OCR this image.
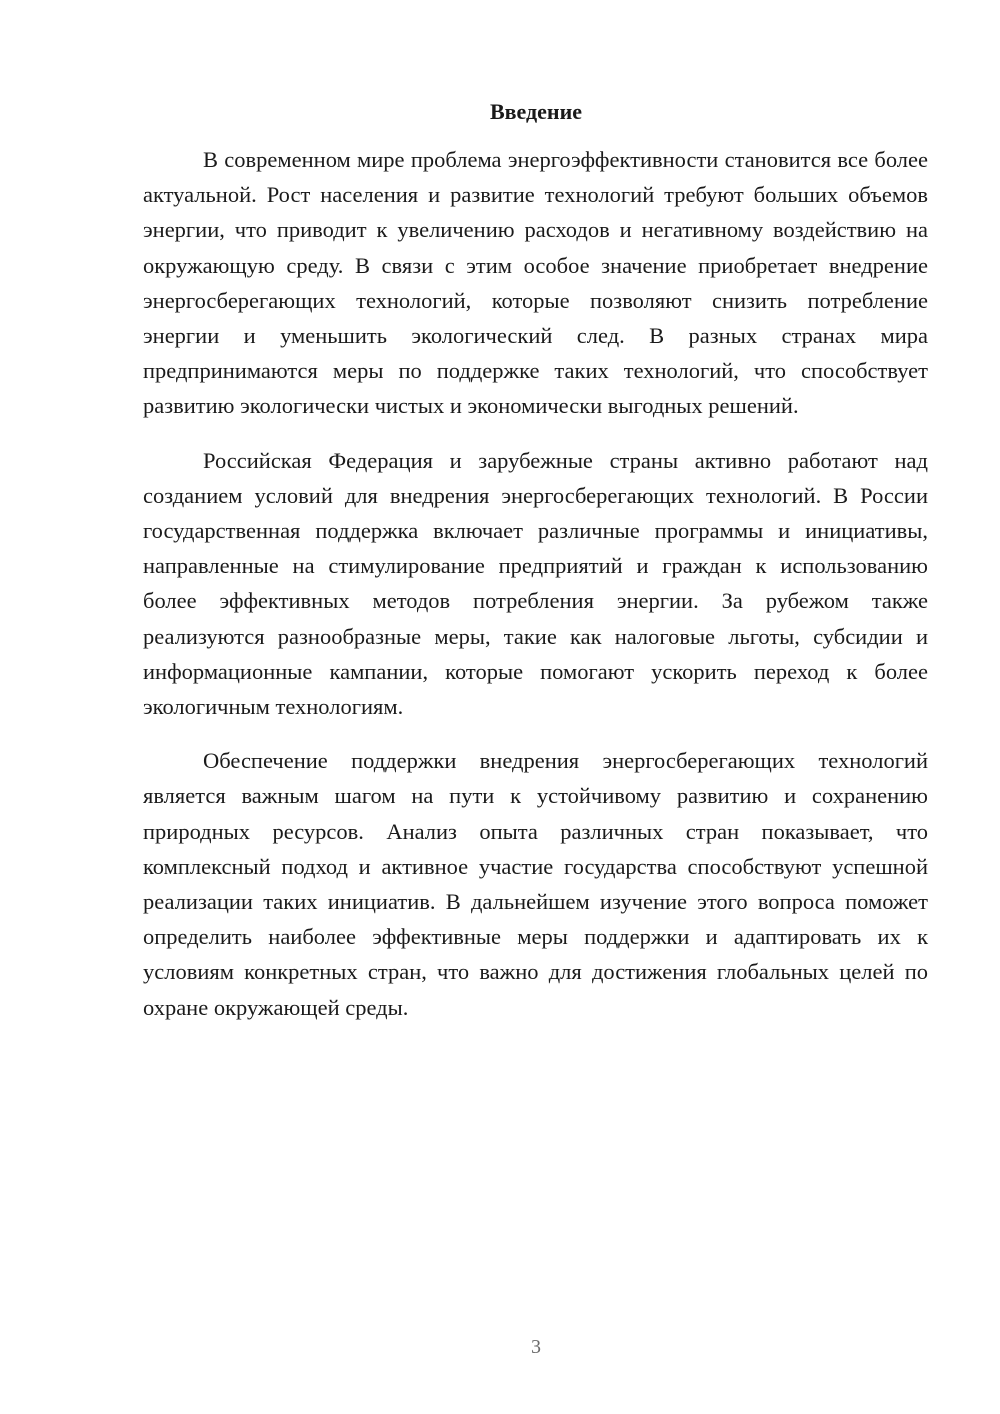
Введение

В современном мире проблема энергоэффективности становится все более актуальной. Рост населения и развитие технологий требуют больших объемов энергии, что приводит к увеличению расходов и негативному воздействию на окружающую среду. В связи с этим особое значение приобретает внедрение энергосберегающих технологий, которые позволяют снизить потребление энергии и уменьшить экологический след. В разных странах мира предпринимаются меры по поддержке таких технологий, что способствует развитию экологически чистых и экономически выгодных решений.

Российская Федерация и зарубежные страны активно работают над созданием условий для внедрения энергосберегающих технологий. В России государственная поддержка включает различные программы и инициативы, направленные на стимулирование предприятий и граждан к использованию более эффективных методов потребления энергии. За рубежом также реализуются разнообразные меры, такие как налоговые льготы, субсидии и информационные кампании, которые помогают ускорить переход к более экологичным технологиям.

Обеспечение поддержки внедрения энергосберегающих технологий является важным шагом на пути к устойчивому развитию и сохранению природных ресурсов. Анализ опыта различных стран показывает, что комплексный подход и активное участие государства способствуют успешной реализации таких инициатив. В дальнейшем изучение этого вопроса поможет определить наиболее эффективные меры поддержки и адаптировать их к условиям конкретных стран, что важно для достижения глобальных целей по охране окружающей среды.

3
